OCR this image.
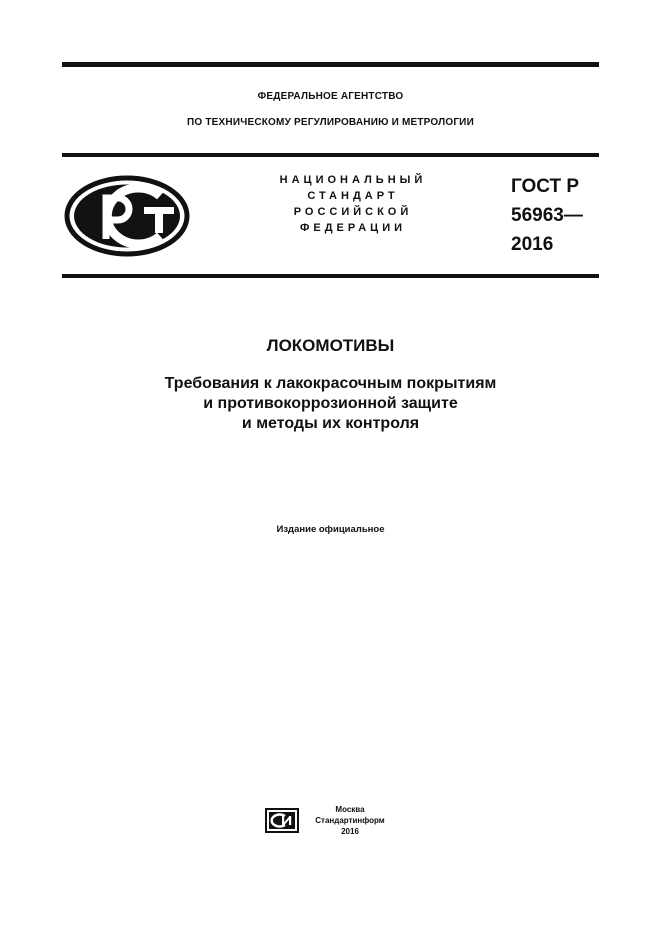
ФЕДЕРАЛЬНОЕ АГЕНТСТВО
ПО ТЕХНИЧЕСКОМУ РЕГУЛИРОВАНИЮ И МЕТРОЛОГИИ
НАЦИОНАЛЬНЫЙ
СТАНДАРТ
РОССИЙСКОЙ
ФЕДЕРАЦИИ
ГОСТ Р
56963—
2016
ЛОКОМОТИВЫ
Требования к лакокрасочным покрытиям
и противокоррозионной защите
и методы их контроля
Издание официальное
Москва
Стандартинформ
2016
